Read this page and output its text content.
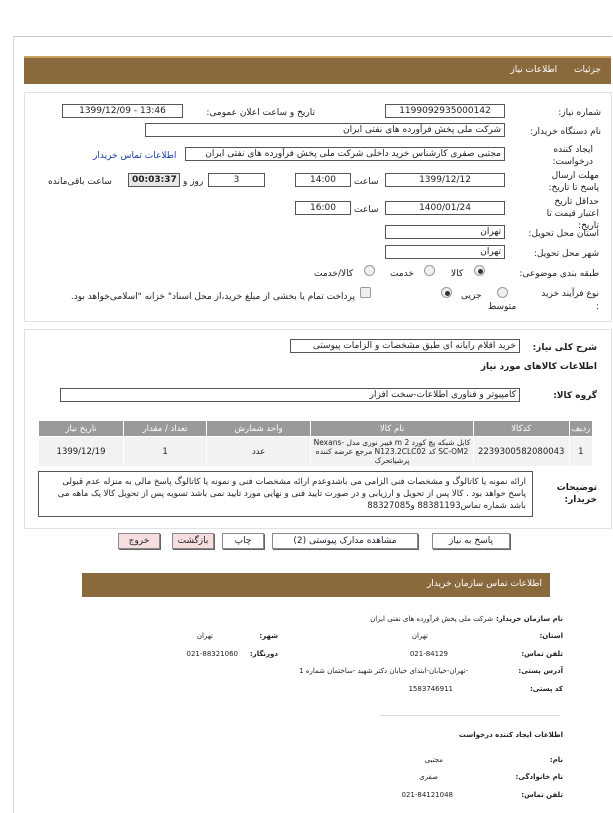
جزئیات اطلاعات نیاز
شماره نیاز:
1199092935000142
تاریخ و ساعت اعلان عمومی:
1399/12/09 - 13:46
نام دستگاه خریدار:
شرکت ملی پخش فرآورده های نفتی ایران
ایجاد کننده درخواست:
مجتبی صفری کارشناس خرید داخلی شرکت ملی پخش فرآورده های نفتی ایران
اطلاعات تماس خریدار
مهلت ارسال پاسخ تا تاریخ:
1399/12/12
ساعت
14:00
3
روز و
00:03:37
ساعت باقی‌مانده
حداقل تاریخ اعتبار قیمت تا تاریخ:
1400/01/24
ساعت
16:00
استان محل تحویل:
تهران
شهر محل تحویل:
تهران
طبقه بندی موضوعی:
کالا
خدمت
کالا/خدمت
نوع فرآیند خرید :
متوسط
جزیی
پرداخت تمام یا بخشی از مبلغ خرید،از محل اسناد" خزانه "اسلامی‌خواهد بود.
شرح کلی نیاز:
خرید اقلام رایانه ای طبق مشخصات و الزامات پیوستی
اطلاعات کالاهای مورد نیاز
گروه کالا:
کامپیوتر و فناوری اطلاعات-سخت افزار
ردیف	کدکالا	نام کالا	واحد شمارش	تعداد / مقدار	تاریخ نیاز
1	2239300582080043	کابل شبکه پچ کورد 2 m فیبر نوری مدل Nexans-SC-OM2 کد N123.2CLC02 مرجع عرضه کننده پرشیاتحرک	عدد	1	1399/12/19
توضیحات خریدار:
ارائه نمونه یا کاتالوگ و مشخصات فنی الزامی می باشدوعدم ارائه مشخصات فنی و نمونه یا کاتالوگ پاسخ مالی به منزله عدم قبولی پاسخ خواهد بود . کالا پس از تحویل و ارزیابی و در صورت تایید فنی و نهایی مورد تایید نمی باشد تسویه پس از تحویل کالا یک ماهه می باشد شماره تماس88381193 و88327085
پاسخ به نیاز
مشاهده مدارک پیوستی (2)
چاپ
بازگشت
خروج
اطلاعات تماس سازمان خریدار
نام سازمان خریدار:
شرکت ملی پخش فرآورده های نفتی ایران
استان:
تهران
شهر:
تهران
تلفن تماس:
021-84129
دورنگار:
021-88321060
آدرس پستی:
-تهران-خیابان-ابتدای خیابان دکتر شهید -ساختمان شماره 1
کد پستی:
1583746911
اطلاعات ایجاد کننده درخواست
نام:
مجتبی
نام خانوادگی:
صفری
تلفن تماس:
021-84121048
